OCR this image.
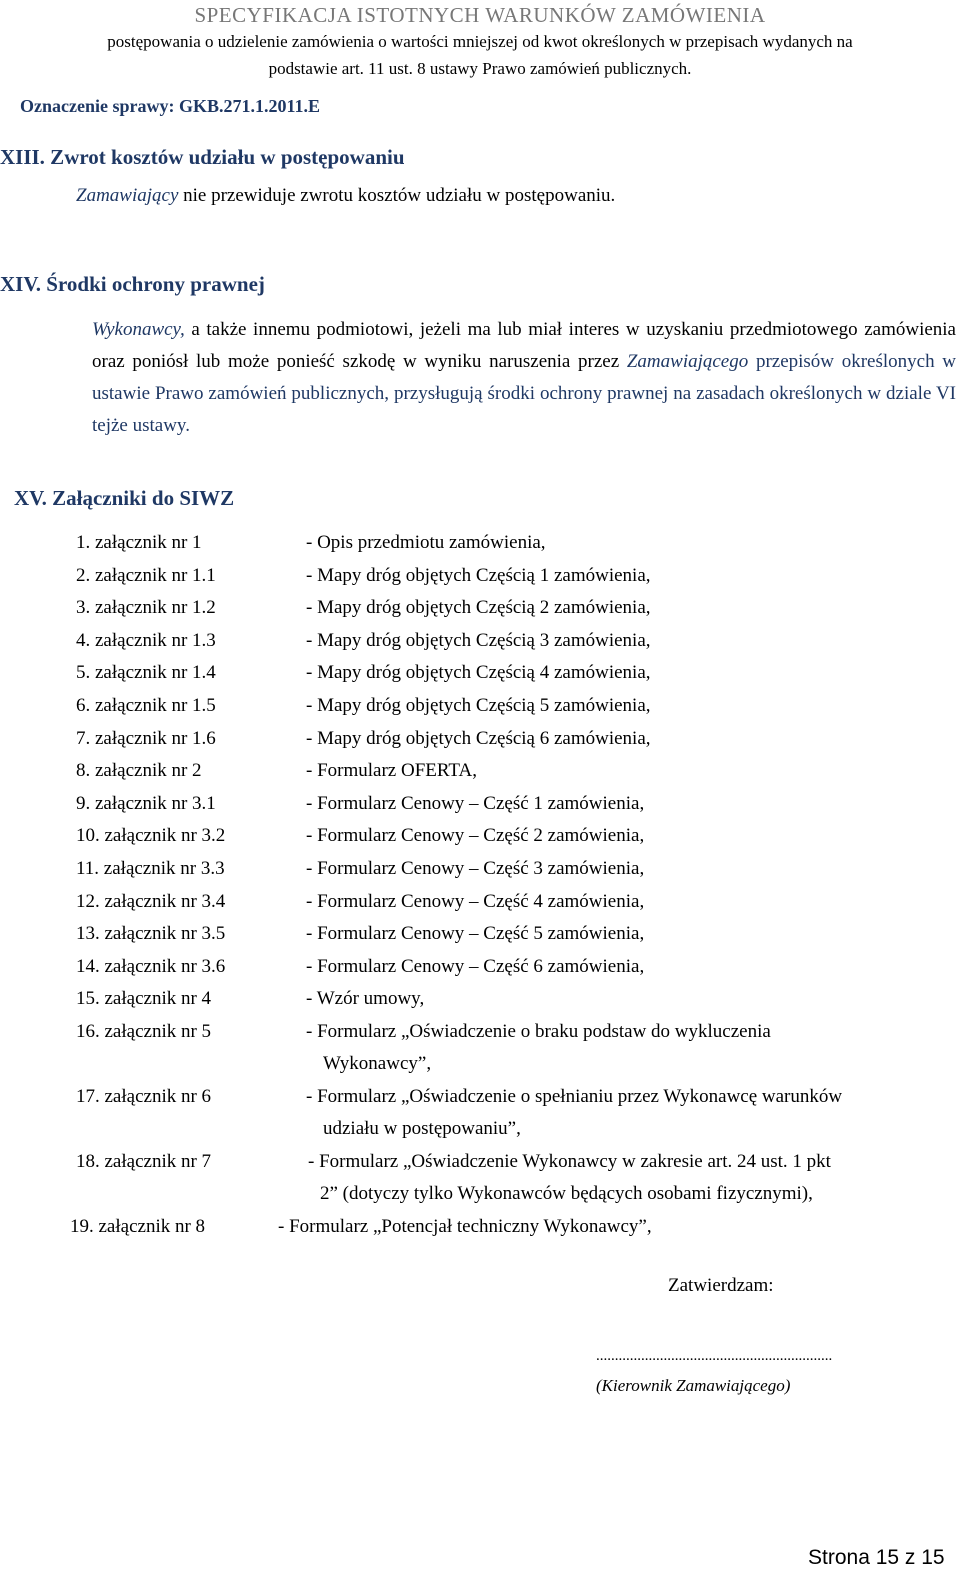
SPECYFIKACJA ISTOTNYCH WARUNKÓW ZAMÓWIENIA
postępowania o udzielenie zamówienia o wartości mniejszej od kwot określonych w przepisach wydanych na
podstawie art. 11 ust. 8 ustawy Prawo zamówień publicznych.
Oznaczenie sprawy: GKB.271.1.2011.E
XIII. Zwrot kosztów udziału w postępowaniu
Zamawiający nie przewiduje zwrotu kosztów udziału w postępowaniu.
XIV. Środki ochrony prawnej
Wykonawcy, a także innemu podmiotowi, jeżeli ma lub miał interes w uzyskaniu przedmiotowego zamówienia oraz poniósł lub może ponieść szkodę w wyniku naruszenia przez Zamawiającego przepisów określonych w ustawie Prawo zamówień publicznych, przysługują środki ochrony prawnej na zasadach określonych w dziale VI tejże ustawy.
XV. Załączniki do SIWZ
1. załącznik nr 1	- Opis przedmiotu zamówienia,
2. załącznik nr 1.1	- Mapy dróg objętych Częścią 1 zamówienia,
3. załącznik nr 1.2	- Mapy dróg objętych Częścią 2 zamówienia,
4. załącznik nr 1.3	- Mapy dróg objętych Częścią 3 zamówienia,
5. załącznik nr 1.4	- Mapy dróg objętych Częścią 4 zamówienia,
6. załącznik nr 1.5	- Mapy dróg objętych Częścią 5 zamówienia,
7. załącznik nr 1.6	- Mapy dróg objętych Częścią 6 zamówienia,
8. załącznik nr 2	- Formularz OFERTA,
9. załącznik nr 3.1	- Formularz Cenowy – Część 1 zamówienia,
10. załącznik nr 3.2	- Formularz Cenowy – Część 2 zamówienia,
11. załącznik nr 3.3	- Formularz Cenowy – Część 3 zamówienia,
12. załącznik nr 3.4	- Formularz Cenowy – Część 4 zamówienia,
13. załącznik nr 3.5	- Formularz Cenowy – Część 5 zamówienia,
14. załącznik nr 3.6	- Formularz Cenowy – Część 6 zamówienia,
15. załącznik nr 4	- Wzór umowy,
16. załącznik nr 5	- Formularz „Oświadczenie o braku podstaw do wykluczenia
Wykonawcy”,
17. załącznik nr 6	- Formularz „Oświadczenie o spełnianiu przez Wykonawcę warunków
udziału w postępowaniu”,
18. załącznik nr 7	- Formularz „Oświadczenie Wykonawcy w zakresie art. 24 ust. 1 pkt
2” (dotyczy tylko Wykonawców będących osobami fizycznymi),
19. załącznik nr 8	- Formularz „Potencjał techniczny Wykonawcy”,
Zatwierdzam:
...............................................................
(Kierownik Zamawiającego)
Strona 15 z 15
